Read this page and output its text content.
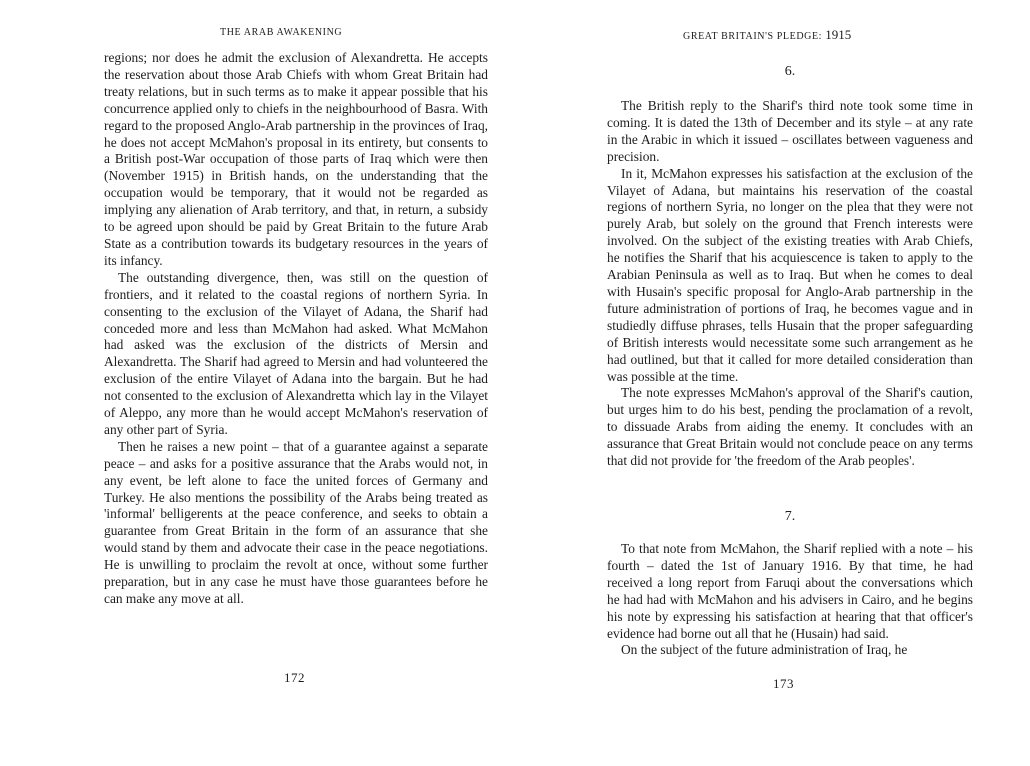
THE ARAB AWAKENING

regions; nor does he admit the exclusion of Alexandretta. He accepts the reservation about those Arab Chiefs with whom Great Britain had treaty relations, but in such terms as to make it appear possible that his concurrence applied only to chiefs in the neighbourhood of Basra. With regard to the proposed Anglo-Arab partnership in the provinces of Iraq, he does not accept McMahon's proposal in its entirety, but consents to a British post-War occupation of those parts of Iraq which were then (November 1915) in British hands, on the understanding that the occupation would be temporary, that it would not be regarded as implying any alienation of Arab territory, and that, in return, a subsidy to be agreed upon should be paid by Great Britain to the future Arab State as a contribution towards its budgetary resources in the years of its infancy.

The outstanding divergence, then, was still on the question of frontiers, and it related to the coastal regions of northern Syria. In consenting to the exclusion of the Vilayet of Adana, the Sharif had conceded more and less than McMahon had asked. What McMahon had asked was the exclusion of the districts of Mersin and Alexandretta. The Sharif had agreed to Mersin and had volunteered the exclusion of the entire Vilayet of Adana into the bargain. But he had not consented to the exclusion of Alexandretta which lay in the Vilayet of Aleppo, any more than he would accept McMahon's reservation of any other part of Syria.

Then he raises a new point – that of a guarantee against a separate peace – and asks for a positive assurance that the Arabs would not, in any event, be left alone to face the united forces of Germany and Turkey. He also mentions the possibility of the Arabs being treated as 'informal' belligerents at the peace conference, and seeks to obtain a guarantee from Great Britain in the form of an assurance that she would stand by them and advocate their case in the peace negotiations. He is unwilling to proclaim the revolt at once, without some further preparation, but in any case he must have those guarantees before he can make any move at all.

172
GREAT BRITAIN'S PLEDGE: 1915
6.

The British reply to the Sharif's third note took some time in coming. It is dated the 13th of December and its style – at any rate in the Arabic in which it issued – oscillates between vagueness and precision.

In it, McMahon expresses his satisfaction at the exclusion of the Vilayet of Adana, but maintains his reservation of the coastal regions of northern Syria, no longer on the plea that they were not purely Arab, but solely on the ground that French interests were involved. On the subject of the existing treaties with Arab Chiefs, he notifies the Sharif that his acquiescence is taken to apply to the Arabian Peninsula as well as to Iraq. But when he comes to deal with Husain's specific proposal for Anglo-Arab partnership in the future administration of portions of Iraq, he becomes vague and in studiedly diffuse phrases, tells Husain that the proper safeguarding of British interests would necessitate some such arrangement as he had outlined, but that it called for more detailed consideration than was possible at the time.

The note expresses McMahon's approval of the Sharif's caution, but urges him to do his best, pending the proclamation of a revolt, to dissuade Arabs from aiding the enemy. It concludes with an assurance that Great Britain would not conclude peace on any terms that did not provide for 'the freedom of the Arab peoples'.

7.

To that note from McMahon, the Sharif replied with a note – his fourth – dated the 1st of January 1916. By that time, he had received a long report from Faruqi about the conversations which he had had with McMahon and his advisers in Cairo, and he begins his note by expressing his satisfaction at hearing that that officer's evidence had borne out all that he (Husain) had said.

On the subject of the future administration of Iraq, he

173
